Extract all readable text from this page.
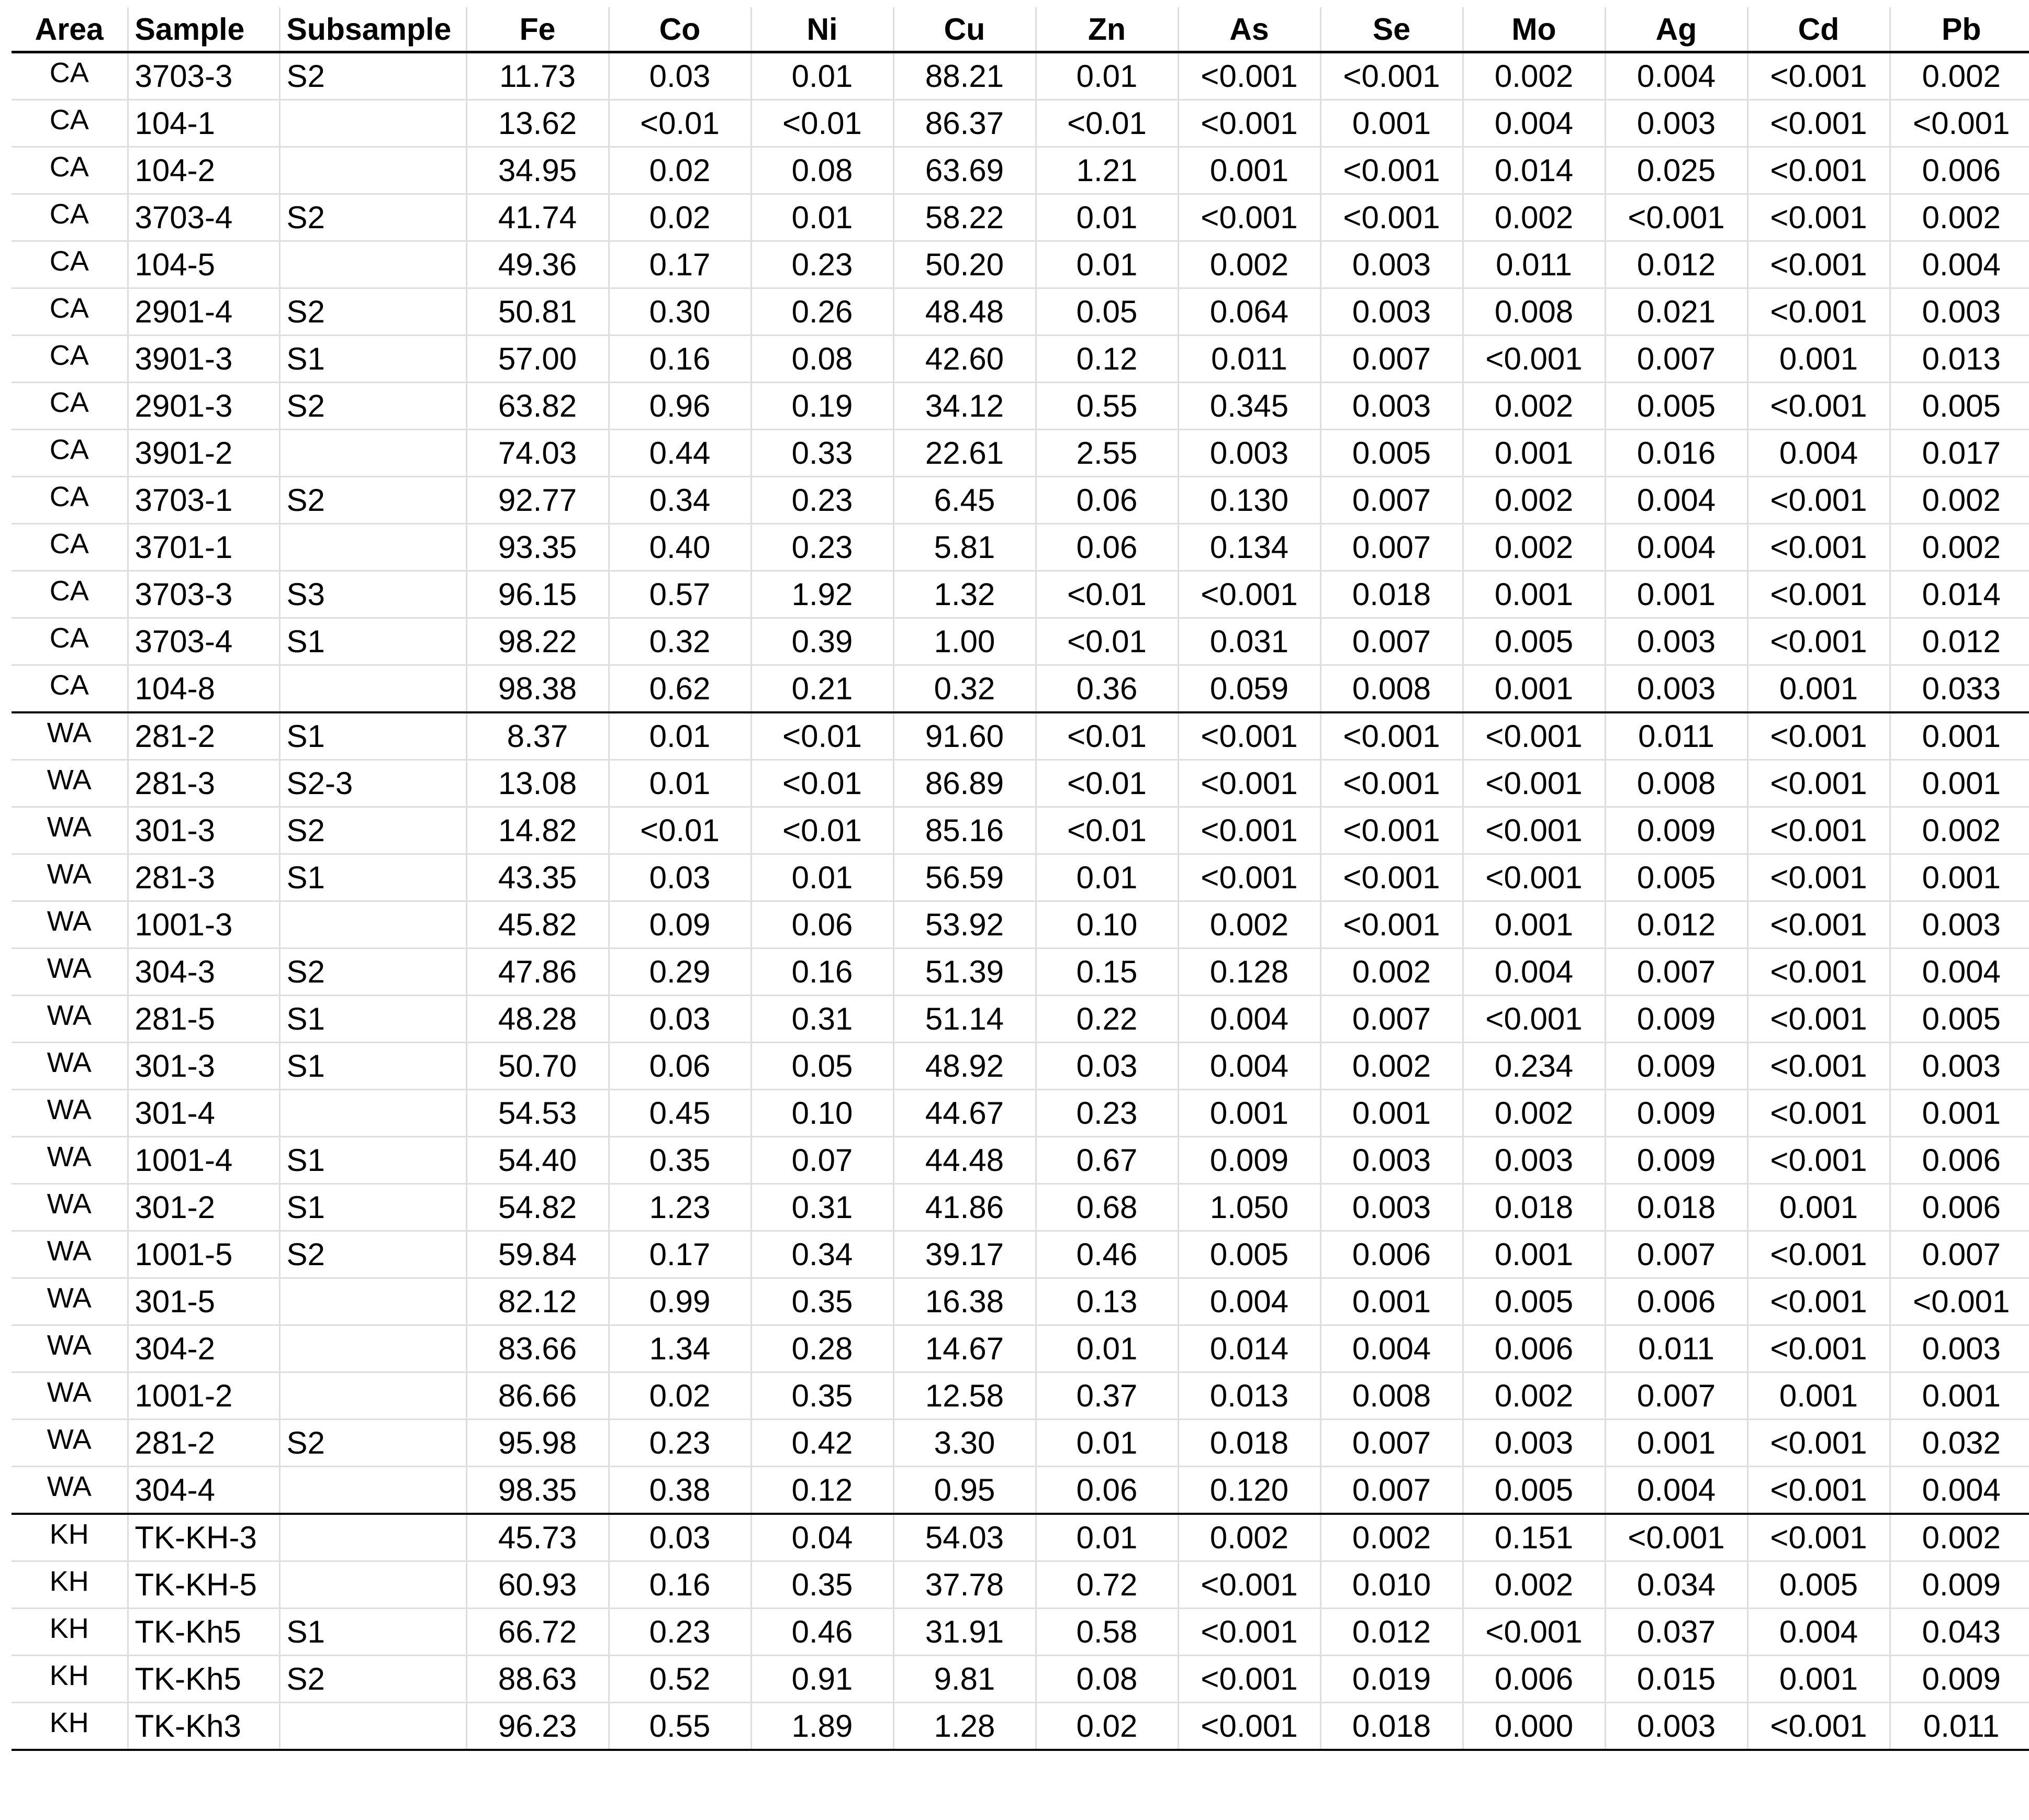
Area	Sample	Subsample	Fe	Co	Ni	Cu	Zn	As	Se	Mo	Ag	Cd	Pb
CA	3703-3	S2	11.73	0.03	0.01	88.21	0.01	<0.001	<0.001	0.002	0.004	<0.001	0.002
CA	104-1		13.62	<0.01	<0.01	86.37	<0.01	<0.001	0.001	0.004	0.003	<0.001	<0.001
CA	104-2		34.95	0.02	0.08	63.69	1.21	0.001	<0.001	0.014	0.025	<0.001	0.006
CA	3703-4	S2	41.74	0.02	0.01	58.22	0.01	<0.001	<0.001	0.002	<0.001	<0.001	0.002
CA	104-5		49.36	0.17	0.23	50.20	0.01	0.002	0.003	0.011	0.012	<0.001	0.004
CA	2901-4	S2	50.81	0.30	0.26	48.48	0.05	0.064	0.003	0.008	0.021	<0.001	0.003
CA	3901-3	S1	57.00	0.16	0.08	42.60	0.12	0.011	0.007	<0.001	0.007	0.001	0.013
CA	2901-3	S2	63.82	0.96	0.19	34.12	0.55	0.345	0.003	0.002	0.005	<0.001	0.005
CA	3901-2		74.03	0.44	0.33	22.61	2.55	0.003	0.005	0.001	0.016	0.004	0.017
CA	3703-1	S2	92.77	0.34	0.23	6.45	0.06	0.130	0.007	0.002	0.004	<0.001	0.002
CA	3701-1		93.35	0.40	0.23	5.81	0.06	0.134	0.007	0.002	0.004	<0.001	0.002
CA	3703-3	S3	96.15	0.57	1.92	1.32	<0.01	<0.001	0.018	0.001	0.001	<0.001	0.014
CA	3703-4	S1	98.22	0.32	0.39	1.00	<0.01	0.031	0.007	0.005	0.003	<0.001	0.012
CA	104-8		98.38	0.62	0.21	0.32	0.36	0.059	0.008	0.001	0.003	0.001	0.033
WA	281-2	S1	8.37	0.01	<0.01	91.60	<0.01	<0.001	<0.001	<0.001	0.011	<0.001	0.001
WA	281-3	S2-3	13.08	0.01	<0.01	86.89	<0.01	<0.001	<0.001	<0.001	0.008	<0.001	0.001
WA	301-3	S2	14.82	<0.01	<0.01	85.16	<0.01	<0.001	<0.001	<0.001	0.009	<0.001	0.002
WA	281-3	S1	43.35	0.03	0.01	56.59	0.01	<0.001	<0.001	<0.001	0.005	<0.001	0.001
WA	1001-3		45.82	0.09	0.06	53.92	0.10	0.002	<0.001	0.001	0.012	<0.001	0.003
WA	304-3	S2	47.86	0.29	0.16	51.39	0.15	0.128	0.002	0.004	0.007	<0.001	0.004
WA	281-5	S1	48.28	0.03	0.31	51.14	0.22	0.004	0.007	<0.001	0.009	<0.001	0.005
WA	301-3	S1	50.70	0.06	0.05	48.92	0.03	0.004	0.002	0.234	0.009	<0.001	0.003
WA	301-4		54.53	0.45	0.10	44.67	0.23	0.001	0.001	0.002	0.009	<0.001	0.001
WA	1001-4	S1	54.40	0.35	0.07	44.48	0.67	0.009	0.003	0.003	0.009	<0.001	0.006
WA	301-2	S1	54.82	1.23	0.31	41.86	0.68	1.050	0.003	0.018	0.018	0.001	0.006
WA	1001-5	S2	59.84	0.17	0.34	39.17	0.46	0.005	0.006	0.001	0.007	<0.001	0.007
WA	301-5		82.12	0.99	0.35	16.38	0.13	0.004	0.001	0.005	0.006	<0.001	<0.001
WA	304-2		83.66	1.34	0.28	14.67	0.01	0.014	0.004	0.006	0.011	<0.001	0.003
WA	1001-2		86.66	0.02	0.35	12.58	0.37	0.013	0.008	0.002	0.007	0.001	0.001
WA	281-2	S2	95.98	0.23	0.42	3.30	0.01	0.018	0.007	0.003	0.001	<0.001	0.032
WA	304-4		98.35	0.38	0.12	0.95	0.06	0.120	0.007	0.005	0.004	<0.001	0.004
KH	TK-KH-3		45.73	0.03	0.04	54.03	0.01	0.002	0.002	0.151	<0.001	<0.001	0.002
KH	TK-KH-5		60.93	0.16	0.35	37.78	0.72	<0.001	0.010	0.002	0.034	0.005	0.009
KH	TK-Kh5	S1	66.72	0.23	0.46	31.91	0.58	<0.001	0.012	<0.001	0.037	0.004	0.043
KH	TK-Kh5	S2	88.63	0.52	0.91	9.81	0.08	<0.001	0.019	0.006	0.015	0.001	0.009
KH	TK-Kh3		96.23	0.55	1.89	1.28	0.02	<0.001	0.018	0.000	0.003	<0.001	0.011
